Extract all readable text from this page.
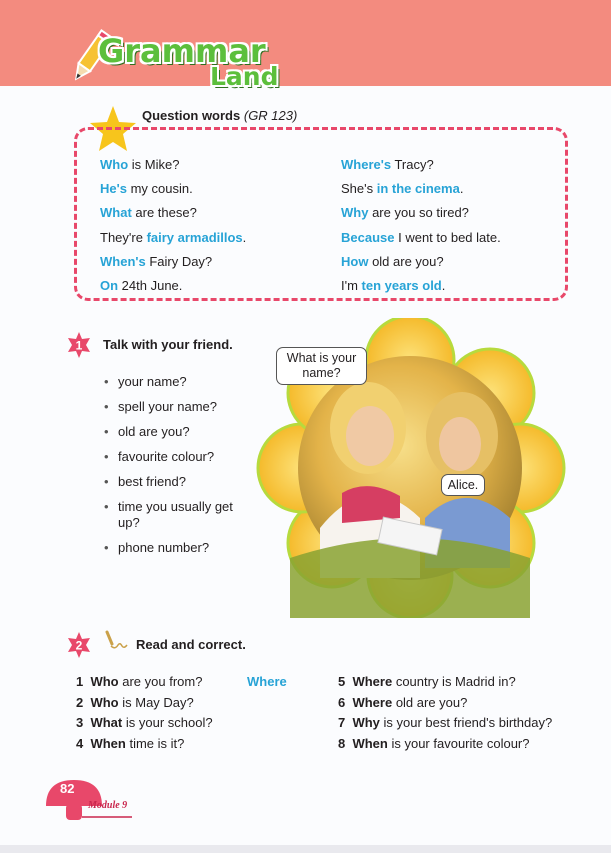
Grammar
Land
Question words (GR 123)
Who is Mike?
He's my cousin.
What are these?
They're fairy armadillos.
When's Fairy Day?
On 24th June.
Where's Tracy?
She's in the cinema.
Why are you so tired?
Because I went to bed late.
How old are you?
I'm ten years old.
1 Talk with your friend.
• your name?
• spell your name?
• old are you?
• favourite colour?
• best friend?
• time you usually get up?
• phone number?
What is your name?
Alice.
2	Read and correct.
1 Who are you from?
2 Who is May Day?
3 What is your school?
4 When time is it?
Where	5 Where country is Madrid in?
6 Where old are you?
7 Why is your best friend's birthday?
8 When is your favourite colour?
82
Module 9
